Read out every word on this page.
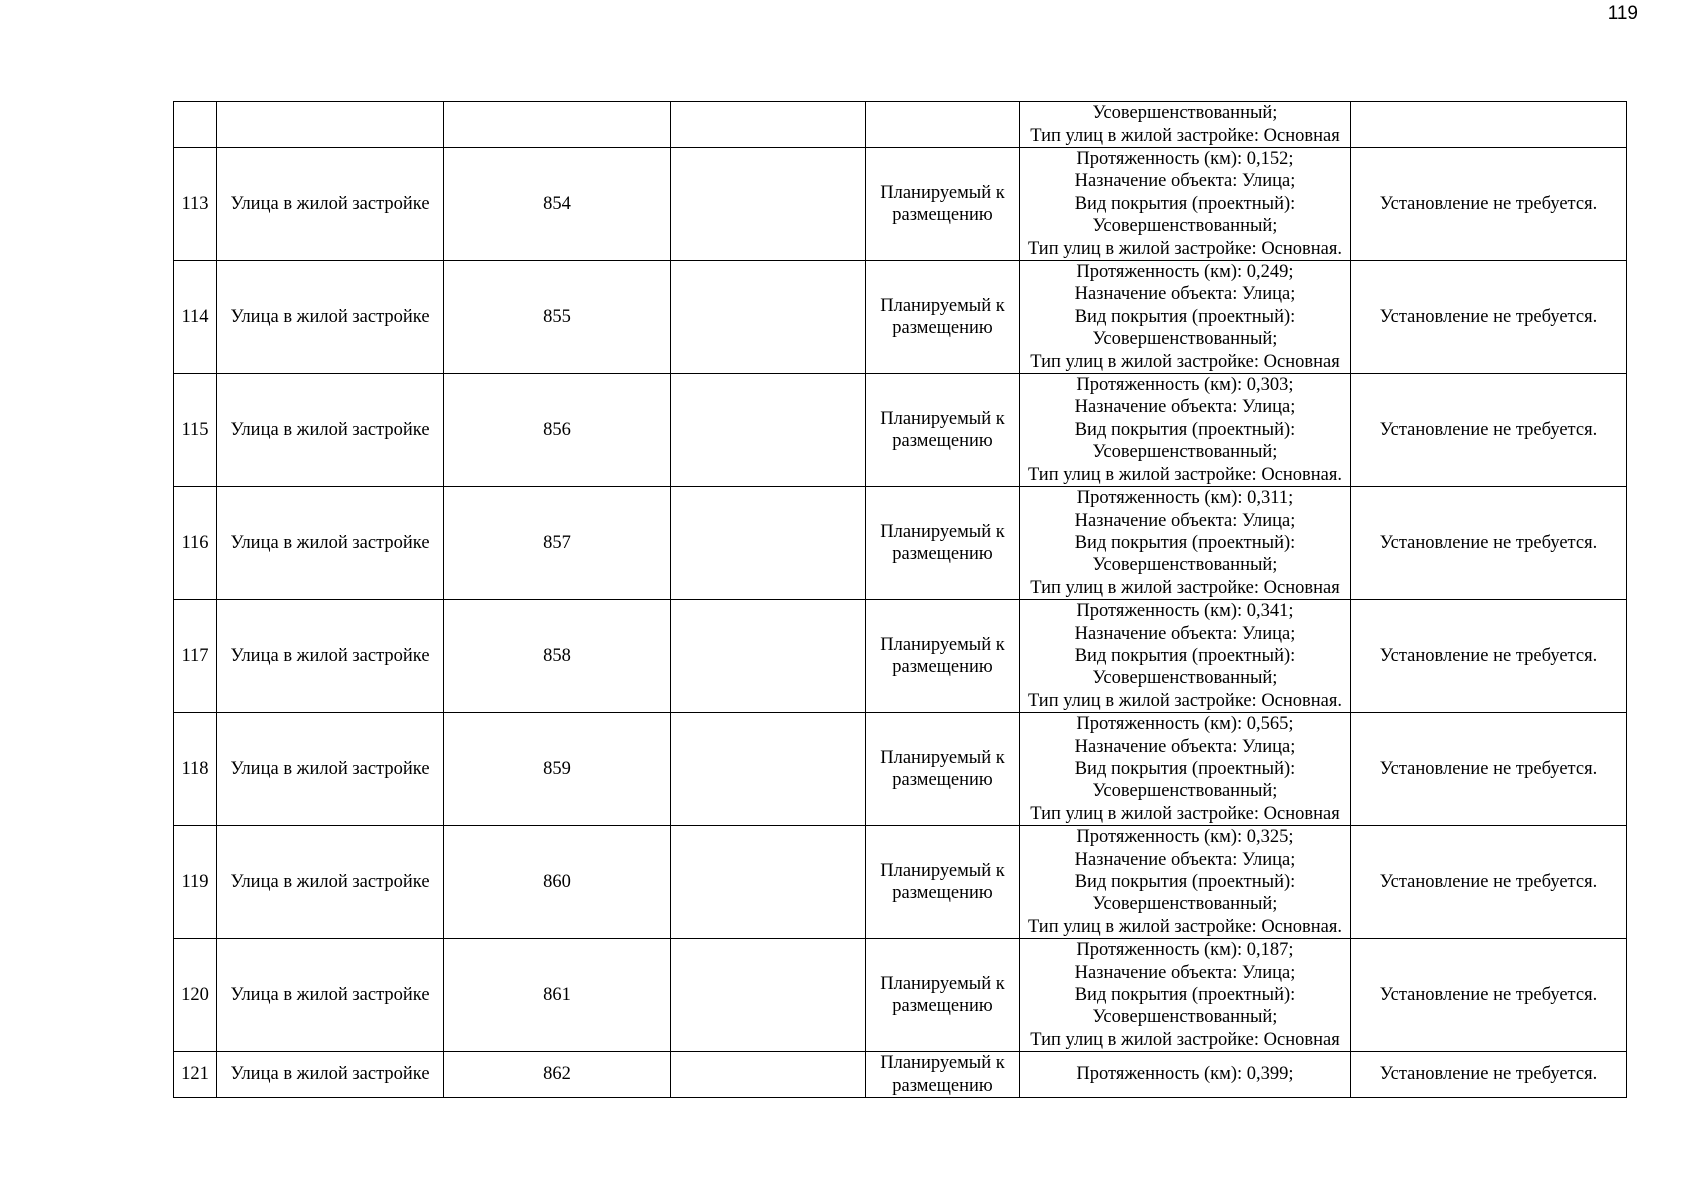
119
					Усовершенствованный;
Тип улиц в жилой застройке: Основная	
113	Улица в жилой застройке	854		Планируемый к размещению	Протяженность (км): 0,152;
Назначение объекта: Улица;
Вид покрытия (проектный):
Усовершенствованный;
Тип улиц в жилой застройке: Основная.	Установление не требуется.
114	Улица в жилой застройке	855		Планируемый к размещению	Протяженность (км): 0,249;
Назначение объекта: Улица;
Вид покрытия (проектный):
Усовершенствованный;
Тип улиц в жилой застройке: Основная	Установление не требуется.
115	Улица в жилой застройке	856		Планируемый к размещению	Протяженность (км): 0,303;
Назначение объекта: Улица;
Вид покрытия (проектный):
Усовершенствованный;
Тип улиц в жилой застройке: Основная.	Установление не требуется.
116	Улица в жилой застройке	857		Планируемый к размещению	Протяженность (км): 0,311;
Назначение объекта: Улица;
Вид покрытия (проектный):
Усовершенствованный;
Тип улиц в жилой застройке: Основная	Установление не требуется.
117	Улица в жилой застройке	858		Планируемый к размещению	Протяженность (км): 0,341;
Назначение объекта: Улица;
Вид покрытия (проектный):
Усовершенствованный;
Тип улиц в жилой застройке: Основная.	Установление не требуется.
118	Улица в жилой застройке	859		Планируемый к размещению	Протяженность (км): 0,565;
Назначение объекта: Улица;
Вид покрытия (проектный):
Усовершенствованный;
Тип улиц в жилой застройке: Основная	Установление не требуется.
119	Улица в жилой застройке	860		Планируемый к размещению	Протяженность (км): 0,325;
Назначение объекта: Улица;
Вид покрытия (проектный):
Усовершенствованный;
Тип улиц в жилой застройке: Основная.	Установление не требуется.
120	Улица в жилой застройке	861		Планируемый к размещению	Протяженность (км): 0,187;
Назначение объекта: Улица;
Вид покрытия (проектный):
Усовершенствованный;
Тип улиц в жилой застройке: Основная	Установление не требуется.
121	Улица в жилой застройке	862		Планируемый к размещению	Протяженность (км): 0,399;	Установление не требуется.
